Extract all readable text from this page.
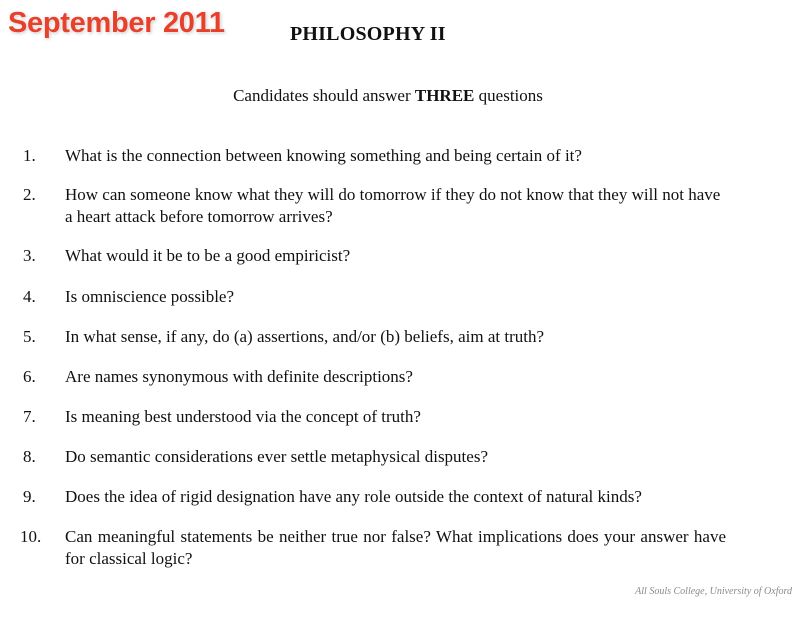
September 2011	PHILOSOPHY II
Candidates should answer THREE questions
1.	What is the connection between knowing something and being certain of it?
2.	How can someone know what they will do tomorrow if they do not know that they will not have a heart attack before tomorrow arrives?
3.	What would it be to be a good empiricist?
4.	Is omniscience possible?
5.	In what sense, if any, do (a) assertions, and/or (b) beliefs, aim at truth?
6.	Are names synonymous with definite descriptions?
7.	Is meaning best understood via the concept of truth?
8.	Do semantic considerations ever settle metaphysical disputes?
9.	Does the idea of rigid designation have any role outside the context of natural kinds?
10.	Can meaningful statements be neither true nor false? What implications does your answer have for classical logic?
All Souls College, University of Oxford
